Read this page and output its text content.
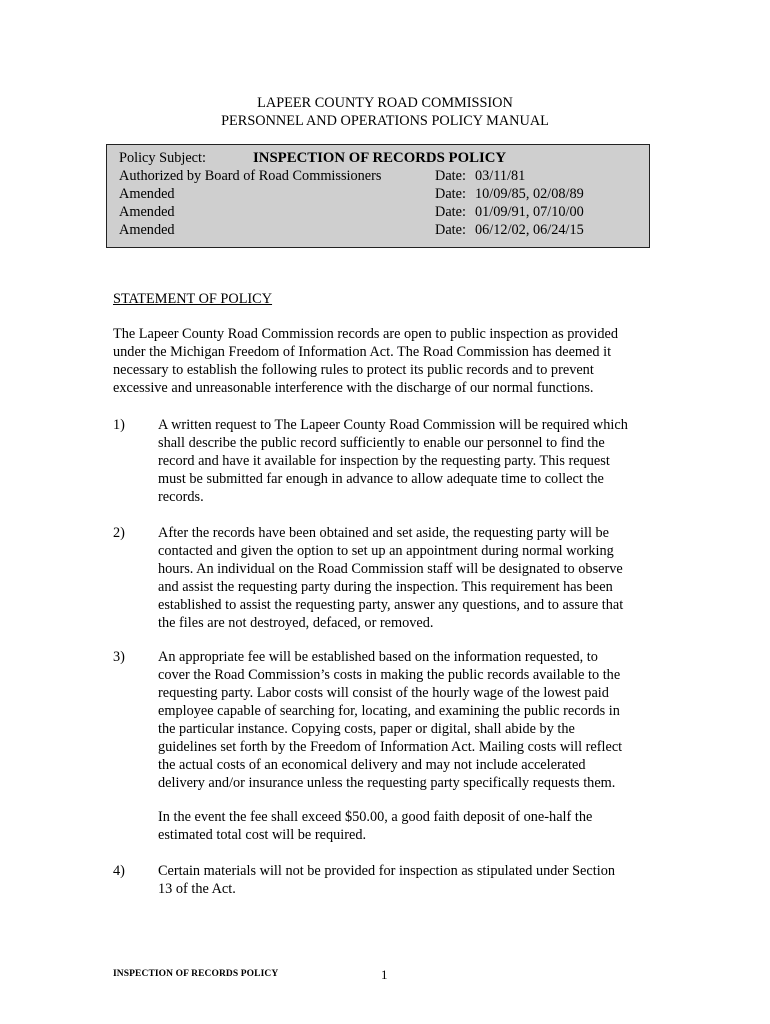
LAPEER COUNTY ROAD COMMISSION
PERSONNEL AND OPERATIONS POLICY MANUAL
Policy Subject:	INSPECTION OF RECORDS POLICY
Authorized by Board of Road Commissioners	Date: 03/11/81
Amended	Date: 10/09/85, 02/08/89
Amended	Date: 01/09/91, 07/10/00
Amended	Date: 06/12/02, 06/24/15
STATEMENT OF POLICY
The Lapeer County Road Commission records are open to public inspection as provided
under the Michigan Freedom of Information Act. The Road Commission has deemed it
necessary to establish the following rules to protect its public records and to prevent
excessive and unreasonable interference with the discharge of our normal functions.
1) A written request to The Lapeer County Road Commission will be required which
shall describe the public record sufficiently to enable our personnel to find the
record and have it available for inspection by the requesting party. This request
must be submitted far enough in advance to allow adequate time to collect the
records.
2) After the records have been obtained and set aside, the requesting party will be
contacted and given the option to set up an appointment during normal working
hours. An individual on the Road Commission staff will be designated to observe
and assist the requesting party during the inspection. This requirement has been
established to assist the requesting party, answer any questions, and to assure that
the files are not destroyed, defaced, or removed.
3) An appropriate fee will be established based on the information requested, to
cover the Road Commission’s costs in making the public records available to the
requesting party. Labor costs will consist of the hourly wage of the lowest paid
employee capable of searching for, locating, and examining the public records in
the particular instance. Copying costs, paper or digital, shall abide by the
guidelines set forth by the Freedom of Information Act. Mailing costs will reflect
the actual costs of an economical delivery and may not include accelerated
delivery and/or insurance unless the requesting party specifically requests them.
In the event the fee shall exceed $50.00, a good faith deposit of one-half the
estimated total cost will be required.
4) Certain materials will not be provided for inspection as stipulated under Section
13 of the Act.
INSPECTION OF RECORDS POLICY	1
